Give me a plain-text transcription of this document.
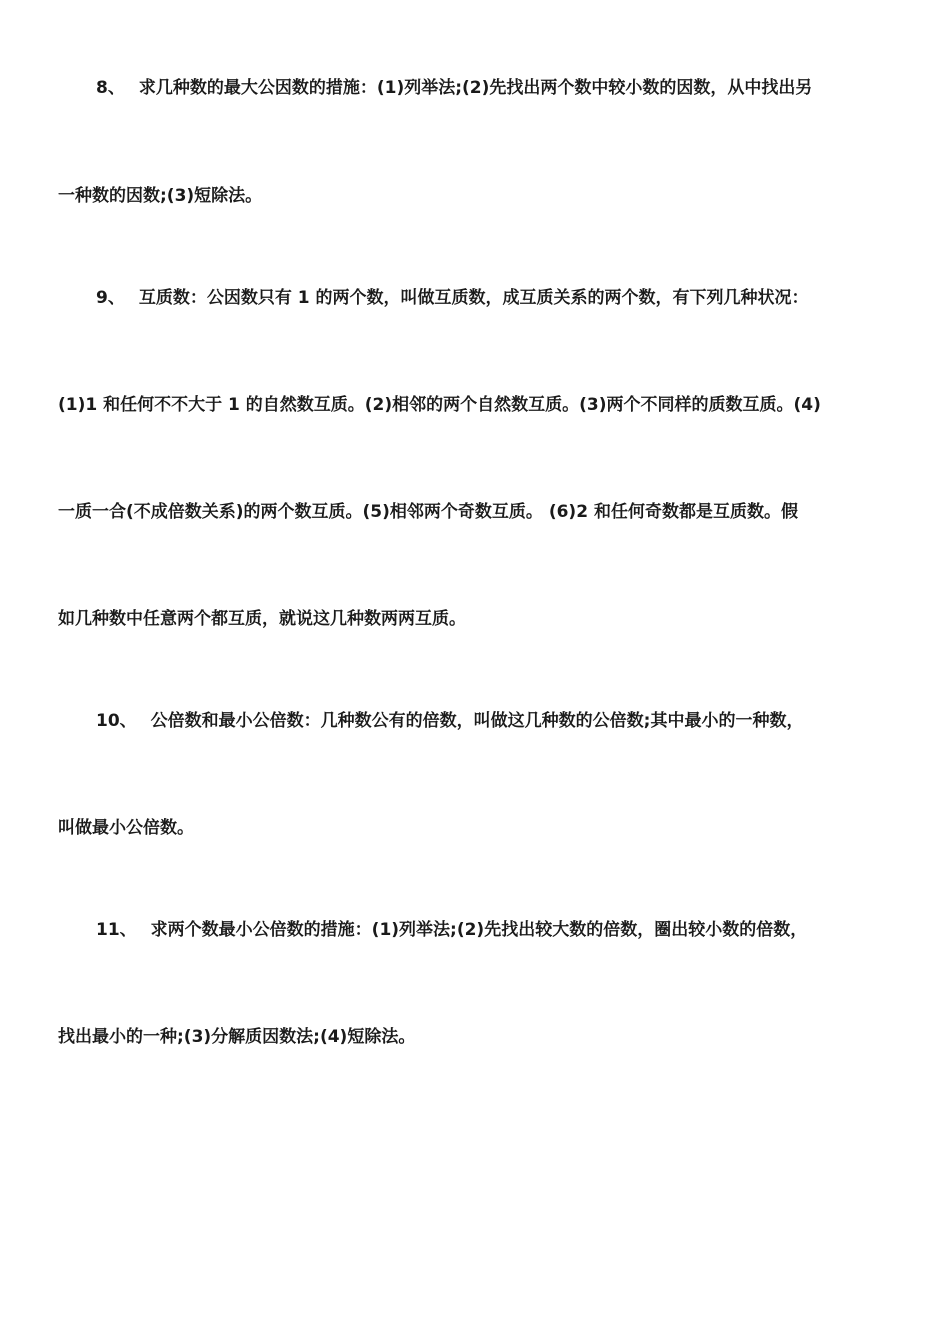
8、 求几种数的最大公因数的措施：(1)列举法;(2)先找出两个数中较小数的因数，从中找出另
一种数的因数;(3)短除法。
9、 互质数：公因数只有 1 的两个数，叫做互质数，成互质关系的两个数，有下列几种状况：
(1)1 和任何不不大于 1 的自然数互质。(2)相邻的两个自然数互质。(3)两个不同样的质数互质。(4)
一质一合(不成倍数关系)的两个数互质。(5)相邻两个奇数互质。 (6)2 和任何奇数都是互质数。假
如几种数中任意两个都互质，就说这几种数两两互质。
10、 公倍数和最小公倍数：几种数公有的倍数，叫做这几种数的公倍数;其中最小的一种数，
叫做最小公倍数。
11、 求两个数最小公倍数的措施：(1)列举法;(2)先找出较大数的倍数，圈出较小数的倍数，
找出最小的一种;(3)分解质因数法;(4)短除法。
